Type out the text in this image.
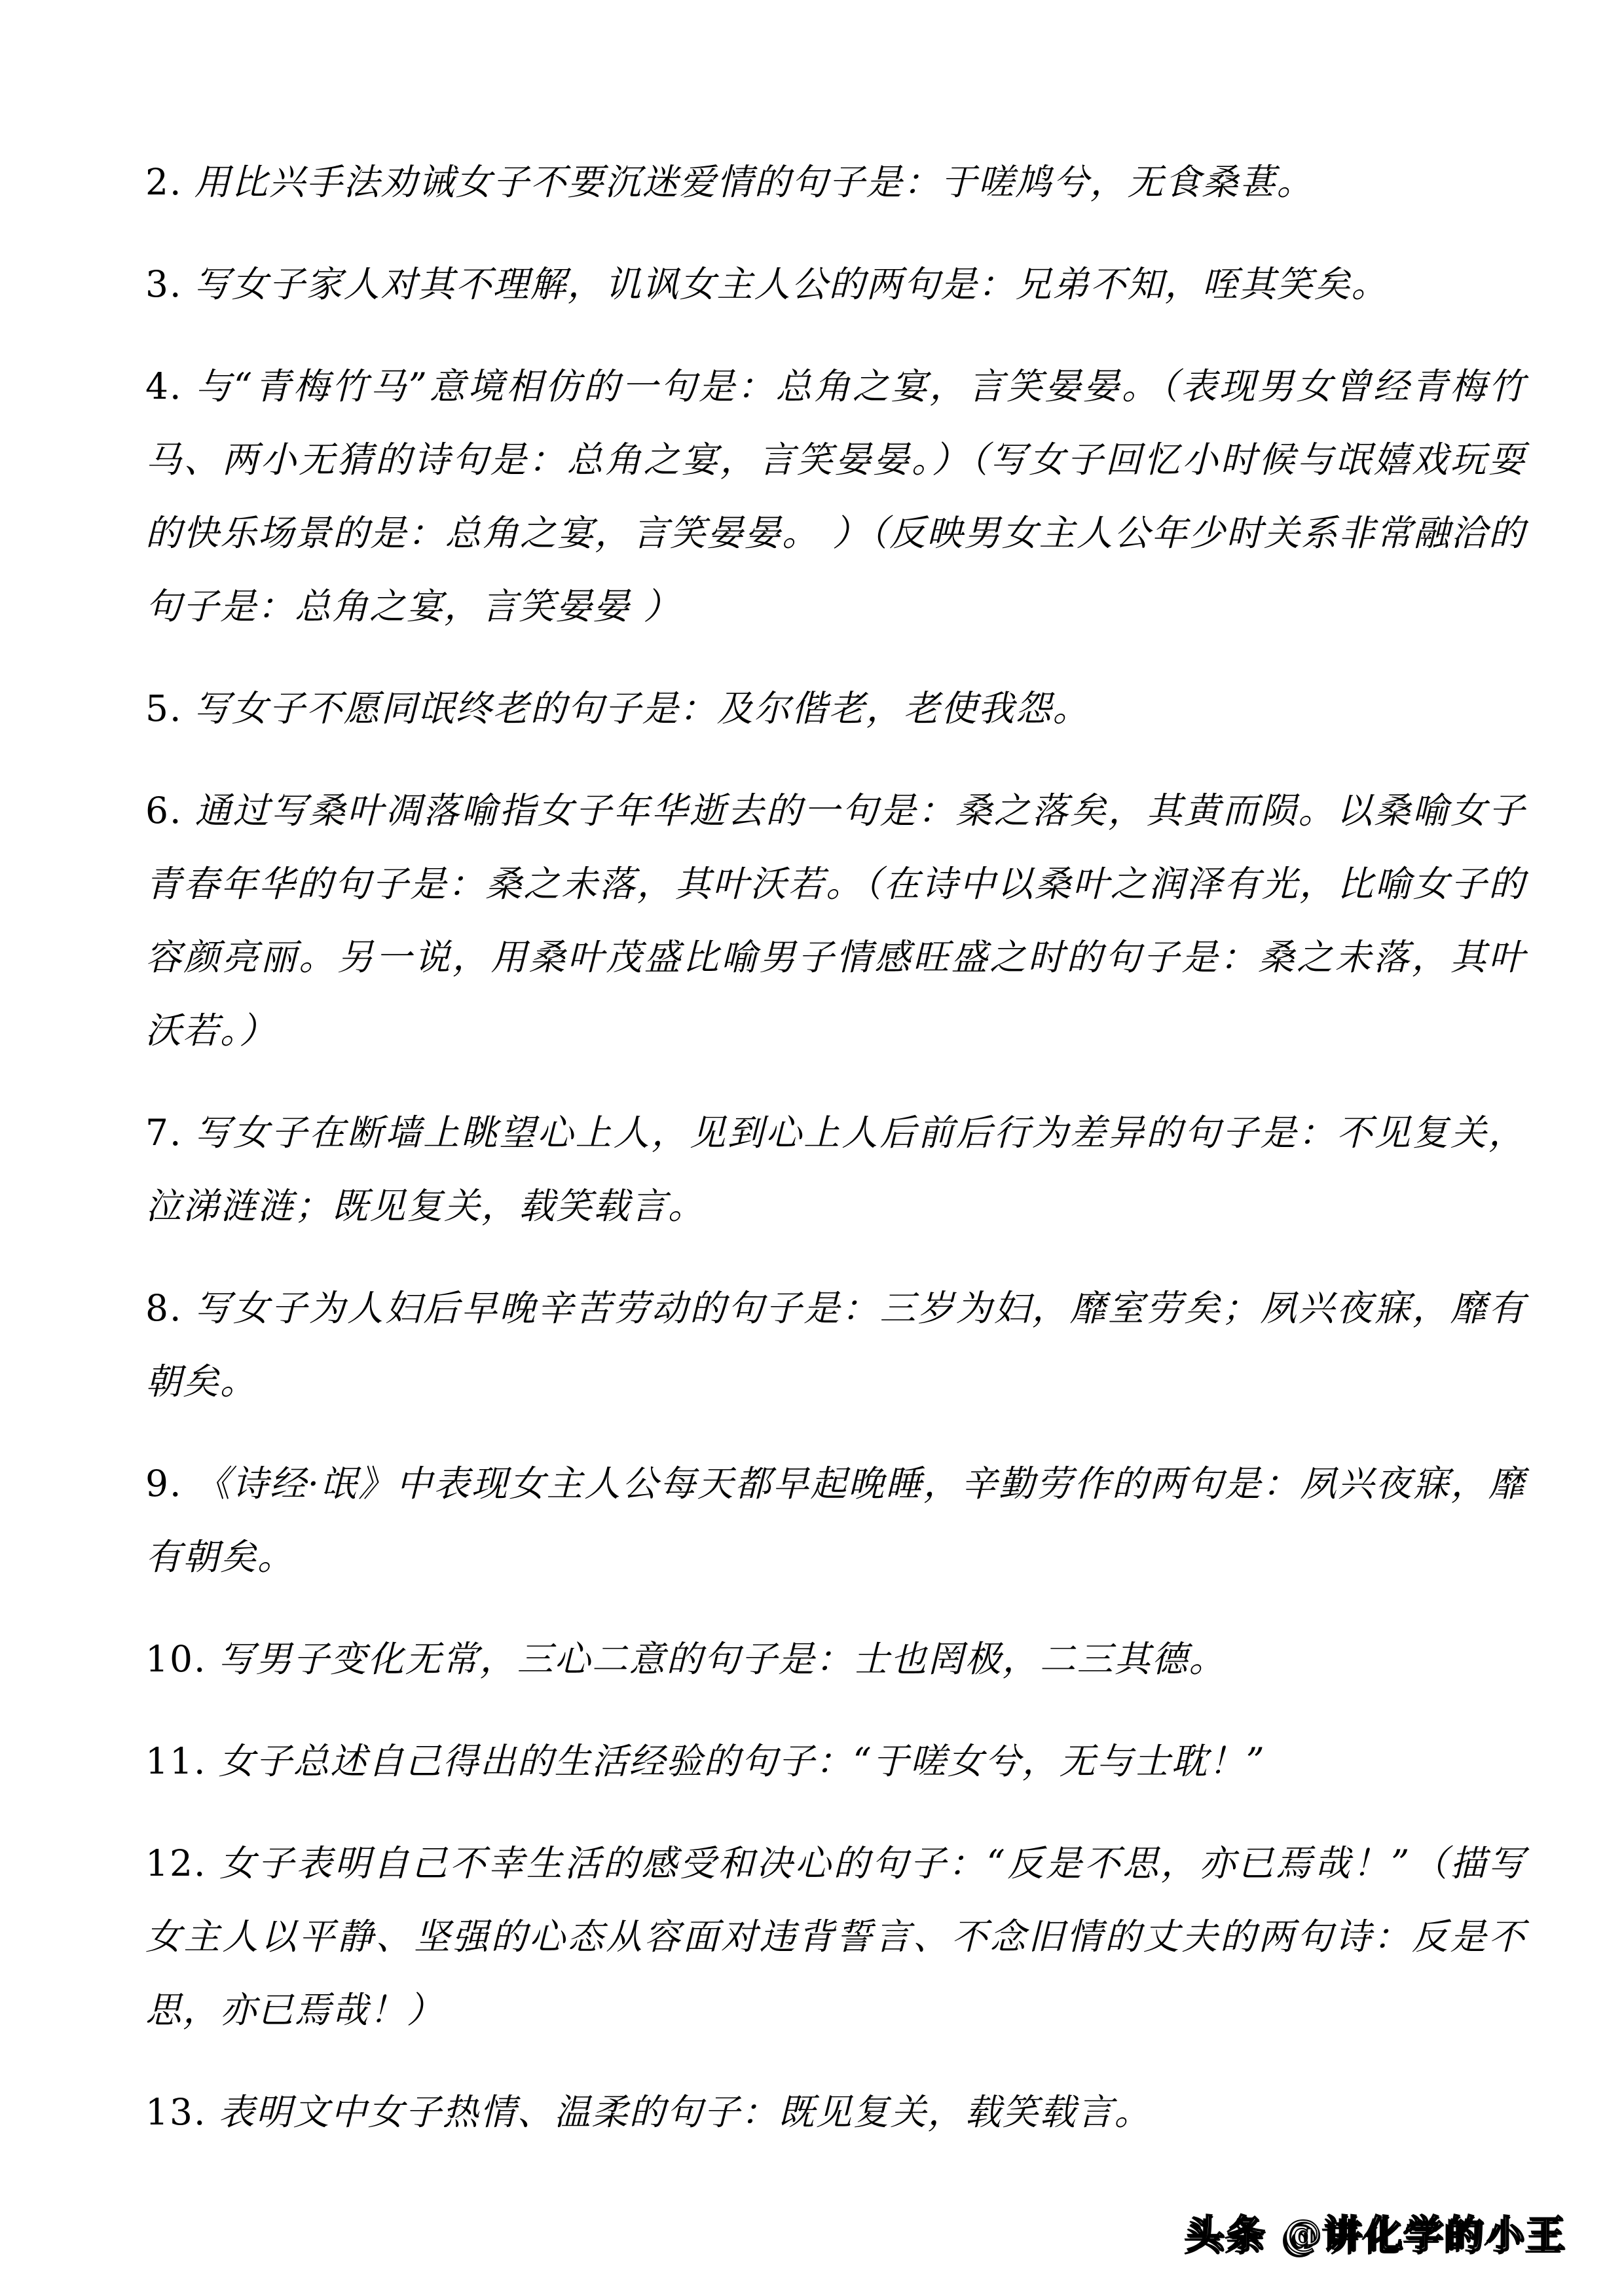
2. 用比兴手法劝诫女子不要沉迷爱情的句子是：于嗟鸠兮，无食桑葚。

3. 写女子家人对其不理解，讥讽女主人公的两句是：兄弟不知，咥其笑矣。

4. 与“青梅竹马”意境相仿的一句是：总角之宴，言笑晏晏。（表现男女曾经青梅竹马、两小无猜的诗句是：总角之宴，言笑晏晏。）（写女子回忆小时候与氓嬉戏玩耍的快乐场景的是：总角之宴，言笑晏晏。 ）（反映男女主人公年少时关系非常融洽的句子是：总角之宴，言笑晏晏 ）

5. 写女子不愿同氓终老的句子是：及尔偕老，老使我怨。

6. 通过写桑叶凋落喻指女子年华逝去的一句是：桑之落矣，其黄而陨。以桑喻女子青春年华的句子是：桑之未落，其叶沃若。（在诗中以桑叶之润泽有光，比喻女子的容颜亮丽。另一说，用桑叶茂盛比喻男子情感旺盛之时的句子是：桑之未落，其叶沃若。）

7. 写女子在断墙上眺望心上人，见到心上人后前后行为差异的句子是：不见复关，泣涕涟涟；既见复关，载笑载言。

8. 写女子为人妇后早晚辛苦劳动的句子是：三岁为妇，靡室劳矣；夙兴夜寐，靡有朝矣。

9. 《诗经·氓》中表现女主人公每天都早起晚睡，辛勤劳作的两句是：夙兴夜寐，靡有朝矣。

10. 写男子变化无常，三心二意的句子是：士也罔极，二三其德。

11. 女子总述自己得出的生活经验的句子：“于嗟女兮，无与士耽！”

12. 女子表明自己不幸生活的感受和决心的句子：“反是不思，亦已焉哉！”（描写女主人以平静、坚强的心态从容面对违背誓言、不念旧情的丈夫的两句诗：反是不思，亦已焉哉！）

13. 表明文中女子热情、温柔的句子：既见复关，载笑载言。

头条 @讲化学的小王
